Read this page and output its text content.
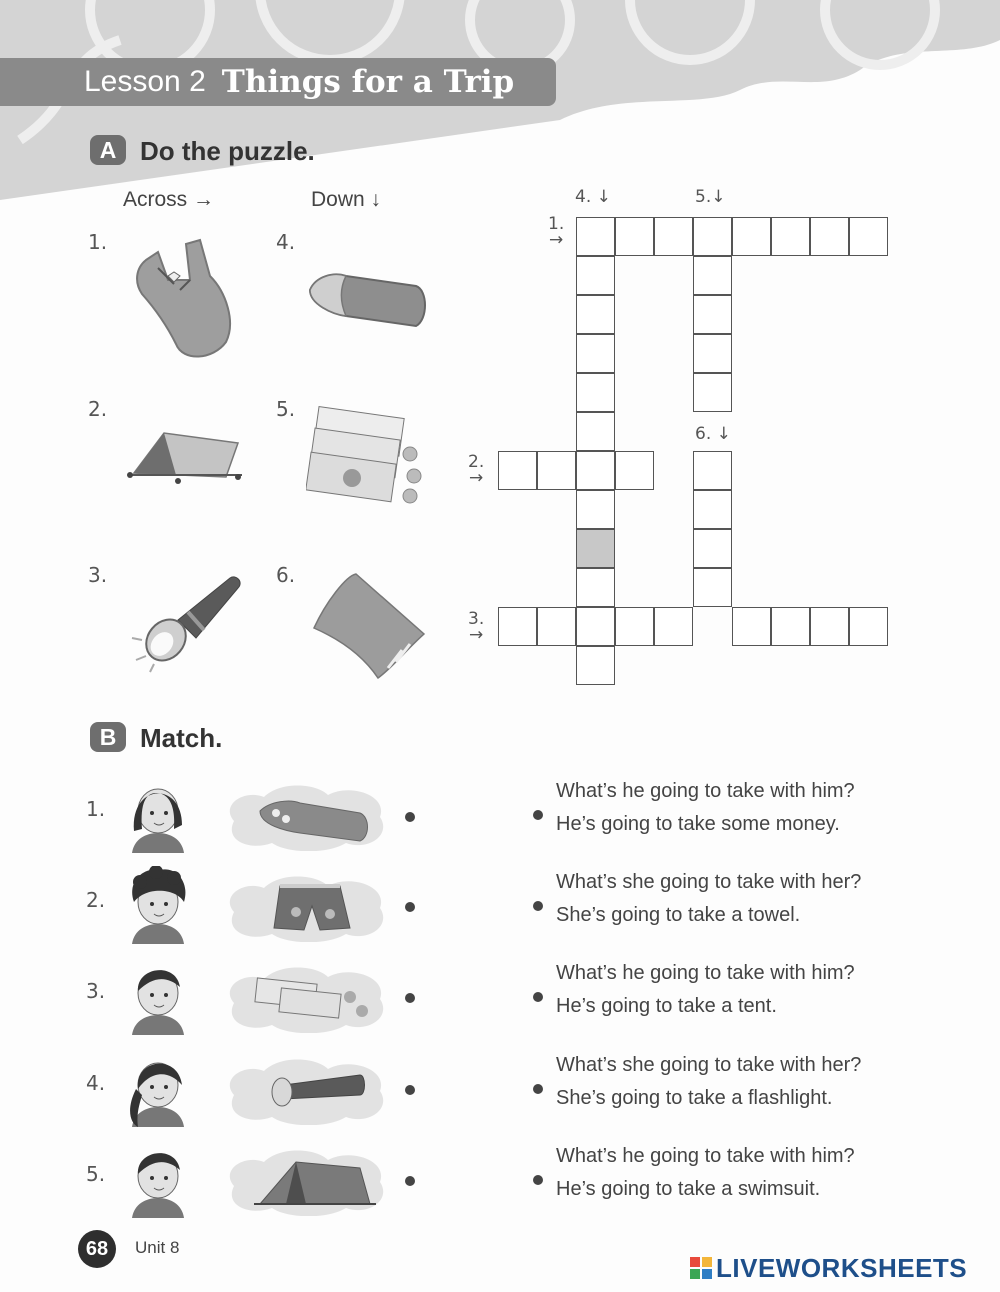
Lesson 2 Things for a Trip
A Do the puzzle.
Across →	Down ↓
1.
2.
3.
4.
5.
6.
4. ↓	5.↓
6. ↓
1.
→
2.
→
3.
→
B Match.
1.
What’s he going to take with him?
He’s going to take some money.
2.
What’s she going to take with her?
She’s going to take a towel.
3.
What’s he going to take with him?
He’s going to take a tent.
4.
What’s she going to take with her?
She’s going to take a flashlight.
5.
What’s he going to take with him?
He’s going to take a swimsuit.
68	Unit 8
LIVEWORKSHEETS
